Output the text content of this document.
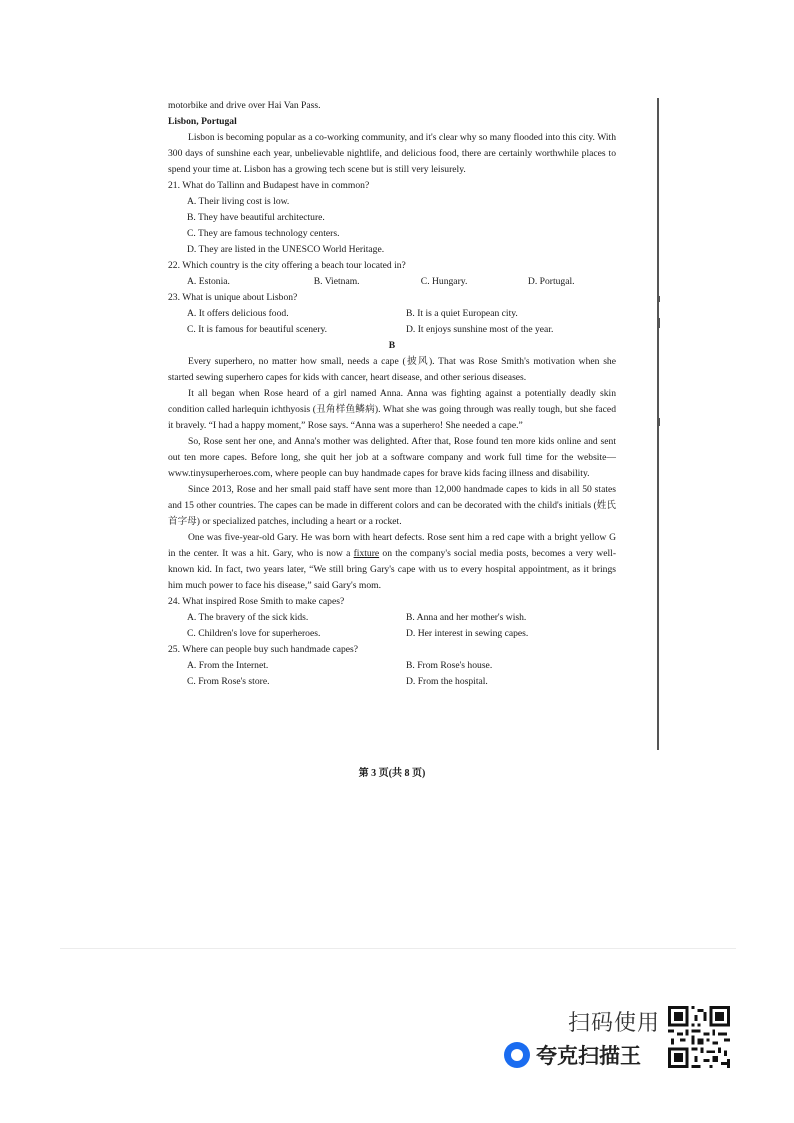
motorbike and drive over Hai Van Pass.

Lisbon, Portugal

Lisbon is becoming popular as a co-working community, and it's clear why so many flooded into this city. With 300 days of sunshine each year, unbelievable nightlife, and delicious food, there are certainly worthwhile places to spend your time at. Lisbon has a growing tech scene but is still very leisurely.

21. What do Tallinn and Budapest have in common?

A. Their living cost is low.

B. They have beautiful architecture.

C. They are famous technology centers.

D. They are listed in the UNESCO World Heritage.

22. Which country is the city offering a beach tour located in?

A. Estonia.	B. Vietnam.	C. Hungary.	D. Portugal.

23. What is unique about Lisbon?

A. It offers delicious food.	B. It is a quiet European city.
C. It is famous for beautiful scenery.	D. It enjoys sunshine most of the year.

B

Every superhero, no matter how small, needs a cape (披风). That was Rose Smith's motivation when she started sewing superhero capes for kids with cancer, heart disease, and other serious diseases.

It all began when Rose heard of a girl named Anna. Anna was fighting against a potentially deadly skin condition called harlequin ichthyosis (丑角样鱼鳞病). What she was going through was really tough, but she faced it bravely. “I had a happy moment,” Rose says. “Anna was a superhero! She needed a cape.”

So, Rose sent her one, and Anna's mother was delighted. After that, Rose found ten more kids online and sent out ten more capes. Before long, she quit her job at a software company and work full time for the website—www.tinysuperheroes.com, where people can buy handmade capes for brave kids facing illness and disability.

Since 2013, Rose and her small paid staff have sent more than 12,000 handmade capes to kids in all 50 states and 15 other countries. The capes can be made in different colors and can be decorated with the child's initials (姓氏首字母) or specialized patches, including a heart or a rocket.

One was five-year-old Gary. He was born with heart defects. Rose sent him a red cape with a bright yellow G in the center. It was a hit. Gary, who is now a fixture on the company's social media posts, becomes a very well-known kid. In fact, two years later, “We still bring Gary's cape with us to every hospital appointment, as it brings him much power to face his disease,” said Gary's mom.

24. What inspired Rose Smith to make capes?

A. The bravery of the sick kids.	B. Anna and her mother's wish.
C. Children's love for superheroes.	D. Her interest in sewing capes.

25. Where can people buy such handmade capes?

A. From the Internet.	B. From Rose's house.
C. From Rose's store.	D. From the hospital.
第 3 页(共 8 页)
扫码使用
夸克扫描王
